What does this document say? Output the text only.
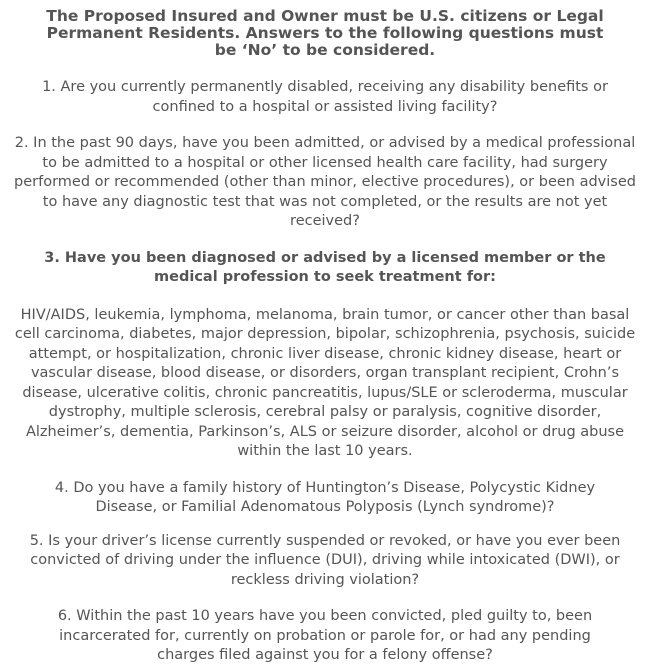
The Proposed Insured and Owner must be U.S. citizens or Legal Permanent Residents. Answers to the following questions must be ‘No’ to be considered.

1. Are you currently permanently disabled, receiving any disability benefits or confined to a hospital or assisted living facility?

2. In the past 90 days, have you been admitted, or advised by a medical professional to be admitted to a hospital or other licensed health care facility, had surgery performed or recommended (other than minor, elective procedures), or been advised to have any diagnostic test that was not completed, or the results are not yet received?

3. Have you been diagnosed or advised by a licensed member or the medical profession to seek treatment for:

HIV/AIDS, leukemia, lymphoma, melanoma, brain tumor, or cancer other than basal cell carcinoma, diabetes, major depression, bipolar, schizophrenia, psychosis, suicide attempt, or hospitalization, chronic liver disease, chronic kidney disease, heart or vascular disease, blood disease, or disorders, organ transplant recipient, Crohn’s disease, ulcerative colitis, chronic pancreatitis, lupus/SLE or scleroderma, muscular dystrophy, multiple sclerosis, cerebral palsy or paralysis, cognitive disorder, Alzheimer’s, dementia, Parkinson’s, ALS or seizure disorder, alcohol or drug abuse within the last 10 years.

4. Do you have a family history of Huntington’s Disease, Polycystic Kidney Disease, or Familial Adenomatous Polyposis (Lynch syndrome)?

5. Is your driver’s license currently suspended or revoked, or have you ever been convicted of driving under the influence (DUI), driving while intoxicated (DWI), or reckless driving violation?

6. Within the past 10 years have you been convicted, pled guilty to, been incarcerated for, currently on probation or parole for, or had any pending charges filed against you for a felony offense?
